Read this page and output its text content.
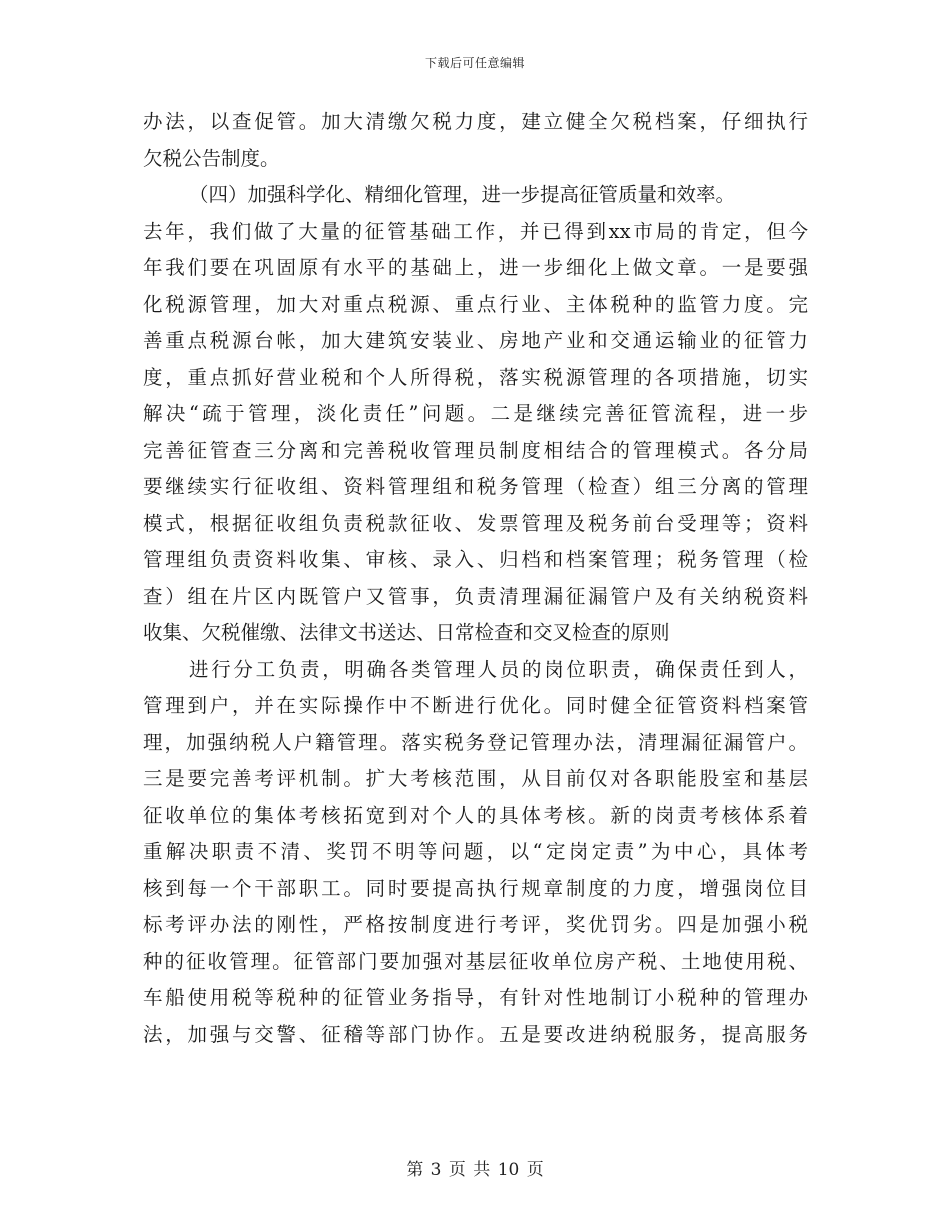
下载后可任意编辑
办法，以查促管。加大清缴欠税力度，建立健全欠税档案，仔细执行
欠税公告制度。
（四）加强科学化、精细化管理，进一步提高征管质量和效率。
去年，我们做了大量的征管基础工作，并已得到xx市局的肯定，但今
年我们要在巩固原有水平的基础上，进一步细化上做文章。一是要强
化税源管理，加大对重点税源、重点行业、主体税种的监管力度。完
善重点税源台帐，加大建筑安装业、房地产业和交通运输业的征管力
度，重点抓好营业税和个人所得税，落实税源管理的各项措施，切实
解决“疏于管理，淡化责任”问题。二是继续完善征管流程，进一步
完善征管查三分离和完善税收管理员制度相结合的管理模式。各分局
要继续实行征收组、资料管理组和税务管理（检查）组三分离的管理
模式，根据征收组负责税款征收、发票管理及税务前台受理等；资料
管理组负责资料收集、审核、录入、归档和档案管理；税务管理（检
查）组在片区内既管户又管事，负责清理漏征漏管户及有关纳税资料
收集、欠税催缴、法律文书送达、日常检查和交叉检查的原则
进行分工负责，明确各类管理人员的岗位职责，确保责任到人，
管理到户，并在实际操作中不断进行优化。同时健全征管资料档案管
理，加强纳税人户籍管理。落实税务登记管理办法，清理漏征漏管户。
三是要完善考评机制。扩大考核范围，从目前仅对各职能股室和基层
征收单位的集体考核拓宽到对个人的具体考核。新的岗责考核体系着
重解决职责不清、奖罚不明等问题，以“定岗定责”为中心，具体考
核到每一个干部职工。同时要提高执行规章制度的力度，增强岗位目
标考评办法的刚性，严格按制度进行考评，奖优罚劣。四是加强小税
种的征收管理。征管部门要加强对基层征收单位房产税、土地使用税、
车船使用税等税种的征管业务指导，有针对性地制订小税种的管理办
法，加强与交警、征稽等部门协作。五是要改进纳税服务，提高服务
第 3 页 共 10 页
